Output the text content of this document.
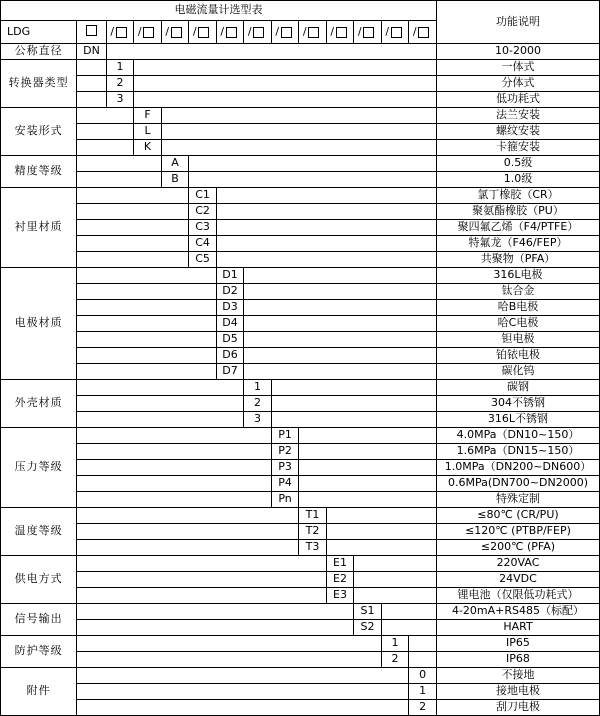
电磁流量计选型表														功能说明
LDG		/	/	/	/	/	/	/	/	/	/	/	/	

公称直径	DN													10-2000
转换器类型		1												一体式
		2												分体式
		3												低功耗式
安装形式			F											法兰安装
			L											螺纹安装
			K											卡箍安装
精度等级				A										0.5级
				B										1.0级
衬里材质					C1									氯丁橡胶（CR）
					C2									聚氨酯橡胶（PU）
					C3									聚四氟乙烯（F4/PTFE）
					C4									特氟龙（F46/FEP）
					C5									共聚物（PFA）
电极材质						D1								316L电极
						D2								钛合金
						D3								哈B电极
						D4								哈C电极
						D5								钽电极
						D6								铂铱电极
						D7								碳化钨
外壳材质							1							碳钢
							2							304不锈钢
							3							316L不锈钢
压力等级								P1						4.0MPa（DN10~150）
								P2						1.6MPa（DN15~150）
								P3						1.0MPa（DN200~DN600）
								P4						0.6MPa(DN700~DN2000)
								Pn						特殊定制
温度等级									T1					≤80℃ (CR/PU)
									T2					≤120℃ (PTBP/FEP)
									T3					≤200℃ (PFA)
供电方式										E1				220VAC
										E2				24VDC
										E3				锂电池（仅限低功耗式）
信号输出											S1			4-20mA+RS485（标配）
											S2			HART
防护等级												1		IP65
												2		IP68
附件													0	不接地
													1	接地电极
													2	刮刀电极
